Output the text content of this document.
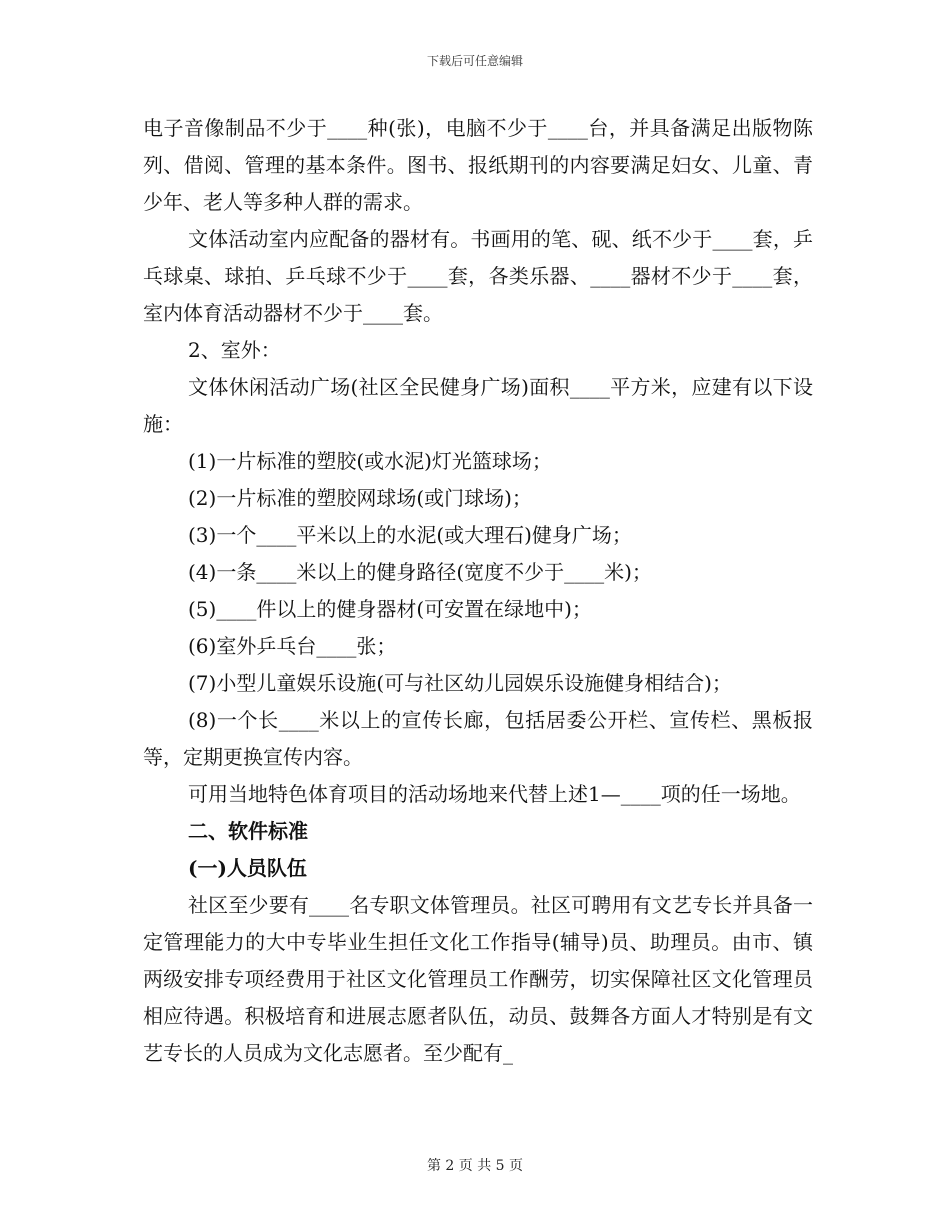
下载后可任意编辑

电子音像制品不少于____种(张)，电脑不少于____台，并具备满足出版物陈列、借阅、管理的基本条件。图书、报纸期刊的内容要满足妇女、儿童、青少年、老人等多种人群的需求。

文体活动室内应配备的器材有。书画用的笔、砚、纸不少于____套，乒乓球桌、球拍、乒乓球不少于____套，各类乐器、____器材不少于____套，室内体育活动器材不少于____套。

2、室外：

文体休闲活动广场(社区全民健身广场)面积____平方米，应建有以下设施：

(1)一片标准的塑胶(或水泥)灯光篮球场；

(2)一片标准的塑胶网球场(或门球场)；

(3)一个____平米以上的水泥(或大理石)健身广场；

(4)一条____米以上的健身路径(宽度不少于____米)；

(5)____件以上的健身器材(可安置在绿地中)；

(6)室外乒乓台____张；

(7)小型儿童娱乐设施(可与社区幼儿园娱乐设施健身相结合)；

(8)一个长____米以上的宣传长廊，包括居委公开栏、宣传栏、黑板报等，定期更换宣传内容。

可用当地特色体育项目的活动场地来代替上述1—____项的任一场地。

二、软件标准

(一)人员队伍

社区至少要有____名专职文体管理员。社区可聘用有文艺专长并具备一定管理能力的大中专毕业生担任文化工作指导(辅导)员、助理员。由市、镇两级安排专项经费用于社区文化管理员工作酬劳，切实保障社区文化管理员相应待遇。积极培育和进展志愿者队伍，动员、鼓舞各方面人才特别是有文艺专长的人员成为文化志愿者。至少配有_

第 2 页 共 5 页
